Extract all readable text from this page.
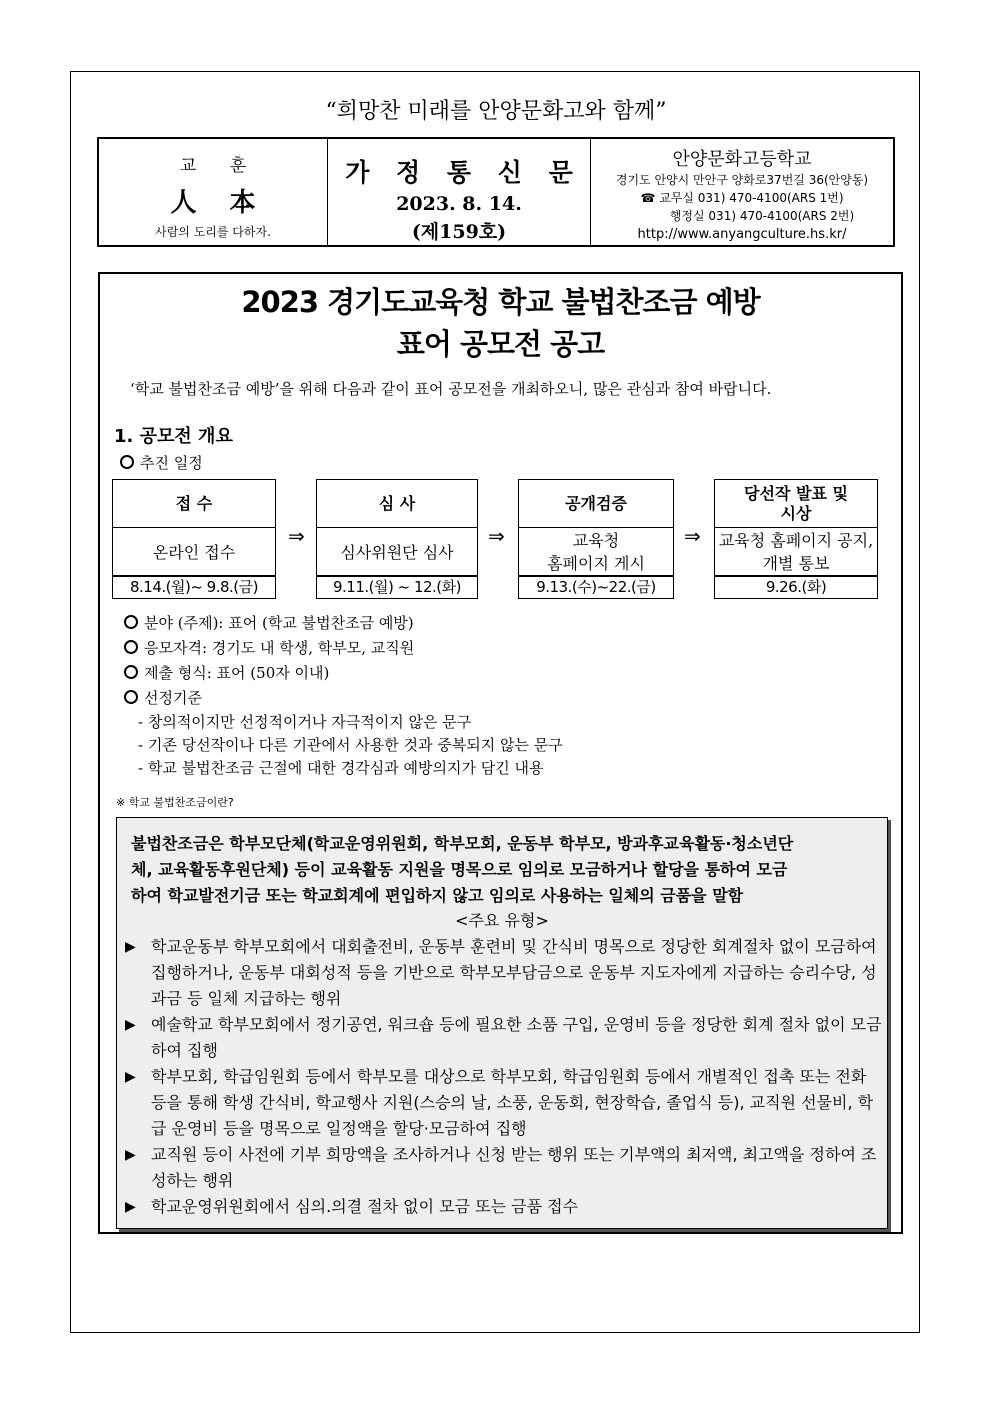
“희망찬 미래를 안양문화고와 함께”
교 훈
人 本
사람의 도리를 다하자.
가 정 통 신 문
2023. 8. 14.
(제159호)
안양문화고등학교
경기도 안양시 만안구 양화로37번길 36(안양동)
☎ 교무실 031) 470-4100(ARS 1번)
행정실 031) 470-4100(ARS 2번)
http://www.anyangculture.hs.kr/
2023 경기도교육청 학교 불법찬조금 예방
표어 공모전 공고
‘학교 불법찬조금 예방’을 위해 다음과 같이 표어 공모전을 개최하오니, 많은 관심과 참여 바랍니다.
1. 공모전 개요
추진 일정
접 수
온라인 접수
8.14.(월)~ 9.8.(금)
⇒
심 사
심사위원단 심사
9.11.(월) ~ 12.(화)
⇒
공개검증
교육청
홈페이지 게시
9.13.(수)~22.(금)
⇒
당선작 발표 및
시상
교육청 홈페이지 공지,
개별 통보
9.26.(화)
분야 (주제): 표어 (학교 불법찬조금 예방)
응모자격: 경기도 내 학생, 학부모, 교직원
제출 형식: 표어 (50자 이내)
선정기준
- 창의적이지만 선정적이거나 자극적이지 않은 문구
- 기존 당선작이나 다른 기관에서 사용한 것과 중복되지 않는 문구
- 학교 불법찬조금 근절에 대한 경각심과 예방의지가 담긴 내용
※ 학교 불법찬조금이란?
불법찬조금은 학부모단체(학교운영위원회, 학부모회, 운동부 학부모, 방과후교육활동·청소년단
체, 교육활동후원단체) 등이 교육활동 지원을 명목으로 임의로 모금하거나 할당을 통하여 모금
하여 학교발전기금 또는 학교회계에 편입하지 않고 임의로 사용하는 일체의 금품을 말함
<주요 유형>
▶ 학교운동부 학부모회에서 대회출전비, 운동부 훈련비 및 간식비 명목으로 정당한 회계절차 없이 모금하여 집행하거나, 운동부 대회성적 등을 기반으로 학부모부담금으로 운동부 지도자에게 지급하는 승리수당, 성과금 등 일체 지급하는 행위
▶ 예술학교 학부모회에서 정기공연, 워크숍 등에 필요한 소품 구입, 운영비 등을 정당한 회계 절차 없이 모금하여 집행
▶ 학부모회, 학급임원회 등에서 학부모를 대상으로 학부모회, 학급임원회 등에서 개별적인 접촉 또는 전화 등을 통해 학생 간식비, 학교행사 지원(스승의 날, 소풍, 운동회, 현장학습, 졸업식 등), 교직원 선물비, 학급 운영비 등을 명목으로 일정액을 할당·모금하여 집행
▶ 교직원 등이 사전에 기부 희망액을 조사하거나 신청 받는 행위 또는 기부액의 최저액, 최고액을 정하여 조성하는 행위
▶ 학교운영위원회에서 심의.의결 절차 없이 모금 또는 금품 접수
